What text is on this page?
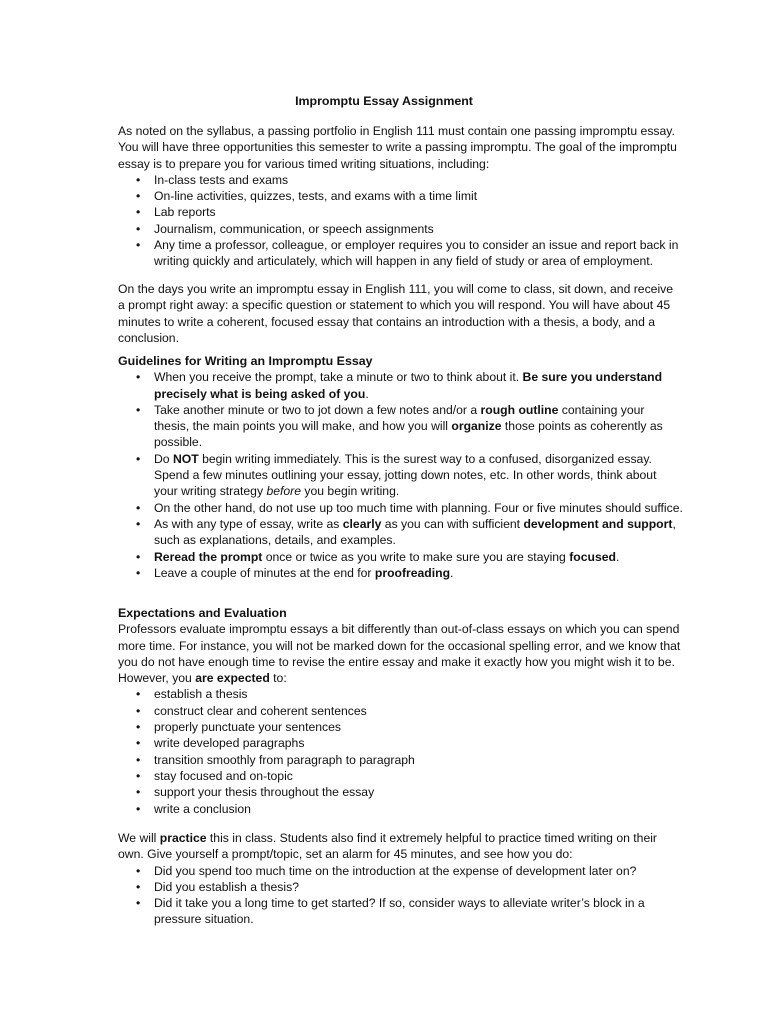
Impromptu Essay Assignment

As noted on the syllabus, a passing portfolio in English 111 must contain one passing impromptu essay. You will have three opportunities this semester to write a passing impromptu. The goal of the impromptu essay is to prepare you for various timed writing situations, including:

• In-class tests and exams
• On-line activities, quizzes, tests, and exams with a time limit
• Lab reports
• Journalism, communication, or speech assignments
• Any time a professor, colleague, or employer requires you to consider an issue and report back in writing quickly and articulately, which will happen in any field of study or area of employment.

On the days you write an impromptu essay in English 111, you will come to class, sit down, and receive a prompt right away: a specific question or statement to which you will respond. You will have about 45 minutes to write a coherent, focused essay that contains an introduction with a thesis, a body, and a conclusion.

Guidelines for Writing an Impromptu Essay
• When you receive the prompt, take a minute or two to think about it. Be sure you understand precisely what is being asked of you.
• Take another minute or two to jot down a few notes and/or a rough outline containing your thesis, the main points you will make, and how you will organize those points as coherently as possible.
• Do NOT begin writing immediately. This is the surest way to a confused, disorganized essay. Spend a few minutes outlining your essay, jotting down notes, etc. In other words, think about your writing strategy before you begin writing.
• On the other hand, do not use up too much time with planning. Four or five minutes should suffice.
• As with any type of essay, write as clearly as you can with sufficient development and support, such as explanations, details, and examples.
• Reread the prompt once or twice as you write to make sure you are staying focused.
• Leave a couple of minutes at the end for proofreading.
Expectations and Evaluation

Professors evaluate impromptu essays a bit differently than out-of-class essays on which you can spend more time. For instance, you will not be marked down for the occasional spelling error, and we know that you do not have enough time to revise the entire essay and make it exactly how you might wish it to be. However, you are expected to:

• establish a thesis
• construct clear and coherent sentences
• properly punctuate your sentences
• write developed paragraphs
• transition smoothly from paragraph to paragraph
• stay focused and on-topic
• support your thesis throughout the essay
• write a conclusion

We will practice this in class. Students also find it extremely helpful to practice timed writing on their own. Give yourself a prompt/topic, set an alarm for 45 minutes, and see how you do:

• Did you spend too much time on the introduction at the expense of development later on?
• Did you establish a thesis?
• Did it take you a long time to get started? If so, consider ways to alleviate writer’s block in a pressure situation.
